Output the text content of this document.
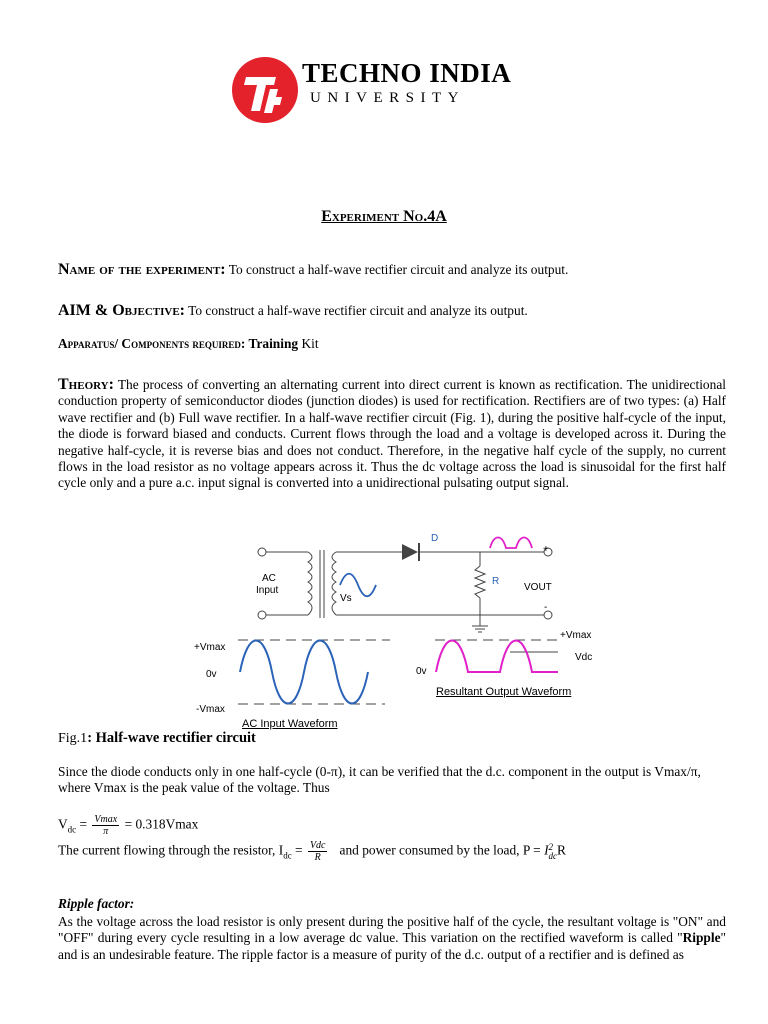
TECHNO INDIA
UNIVERSITY
Experiment No.4A
Name of the experiment: To construct a half-wave rectifier circuit and analyze its output.
AIM & Objective: To construct a half-wave rectifier circuit and analyze its output.
Apparatus/ Components required: Training Kit
Theory: The process of converting an alternating current into direct current is known as rectification. The unidirectional conduction property of semiconductor diodes (junction diodes) is used for rectification. Rectifiers are of two types: (a) Half wave rectifier and (b) Full wave rectifier. In a half-wave rectifier circuit (Fig. 1), during the positive half-cycle of the input, the diode is forward biased and conducts. Current flows through the load and a voltage is developed across it. During the negative half-cycle, it is reverse bias and does not conduct. Therefore, in the negative half cycle of the supply, no current flows in the load resistor as no voltage appears across it. Thus the dc voltage across the load is sinusoidal for the first half cycle only and a pure a.c. input signal is converted into a unidirectional pulsating output signal.
D
AC
Input
Vs
R
VOUT
+
-
+Vmax
0v
-Vmax
AC Input Waveform
+Vmax
Vdc
0v
Resultant Output Waveform
Fig.1: Half-wave rectifier circuit
Since the diode conducts only in one half-cycle (0-π), it can be verified that the d.c. component in the output is Vmax/π, where Vmax is the peak value of the voltage. Thus
$V_{dc} = \frac{Vmax}{\pi} = 0.318Vmax$
The current flowing through the resistor, $I_{dc} = \frac{\text{Vdc}}{R}$ and power consumed by the load, P = I 2
dc R
Ripple factor:
As the voltage across the load resistor is only present during the positive half of the cycle, the resultant voltage is "ON" and "OFF" during every cycle resulting in a low average dc value. This variation on the rectified waveform is called "Ripple" and is an undesirable feature. The ripple factor is a measure of purity of the d.c. output of a rectifier and is defined as
